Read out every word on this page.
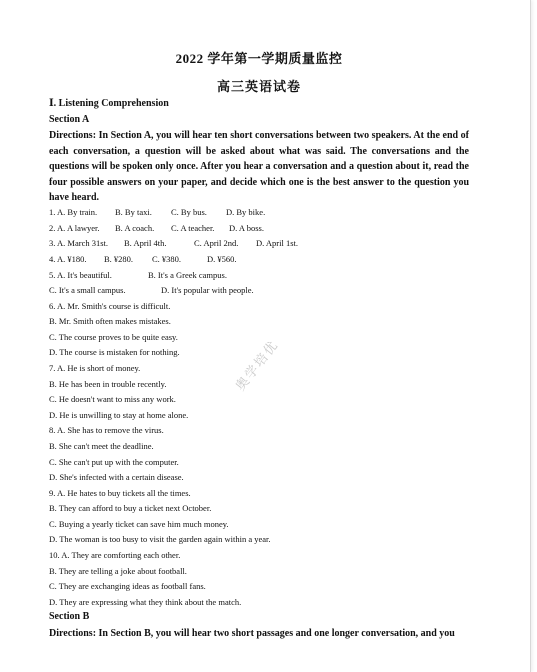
2022 学年第一学期质量监控
高三英语试卷
Ⅰ. Listening Comprehension
Section A
Directions: In Section A, you will hear ten short conversations between two speakers. At the end of each conversation, a question will be asked about what was said. The conversations and the questions will be spoken only once. After you hear a conversation and a question about it, read the four possible answers on your paper, and decide which one is the best answer to the question you have heard.
1. A. By train. B. By taxi. C. By bus. D. By bike.
2. A. A lawyer. B. A coach. C. A teacher. D. A boss.
3. A. March 31st. B. April 4th.	C. April 2nd. D. April 1st.
4. A. ¥180. B. ¥280. C. ¥380.	D. ¥560.
5. A. It's beautiful.	B. It's a Greek campus.
C. It's a small campus.	D. It's popular with people.
6. A. Mr. Smith's course is difficult.
B. Mr. Smith often makes mistakes.
C. The course proves to be quite easy.
D. The course is mistaken for nothing.
7. A. He is short of money.
B. He has been in trouble recently.
C. He doesn't want to miss any work.
D. He is unwilling to stay at home alone.
8. A. She has to remove the virus.
B. She can't meet the deadline.
C. She can't put up with the computer.
D. She's infected with a certain disease.
9. A. He hates to buy tickets all the times.
B. They can afford to buy a ticket next October.
C. Buying a yearly ticket can save him much money.
D. The woman is too busy to visit the garden again within a year.
10. A. They are comforting each other.
B. They are telling a joke about football.
C. They are exchanging ideas as football fans.
D. They are expressing what they think about the match.
Section B
Directions: In Section B, you will hear two short passages and one longer conversation, and you
奥学培优
